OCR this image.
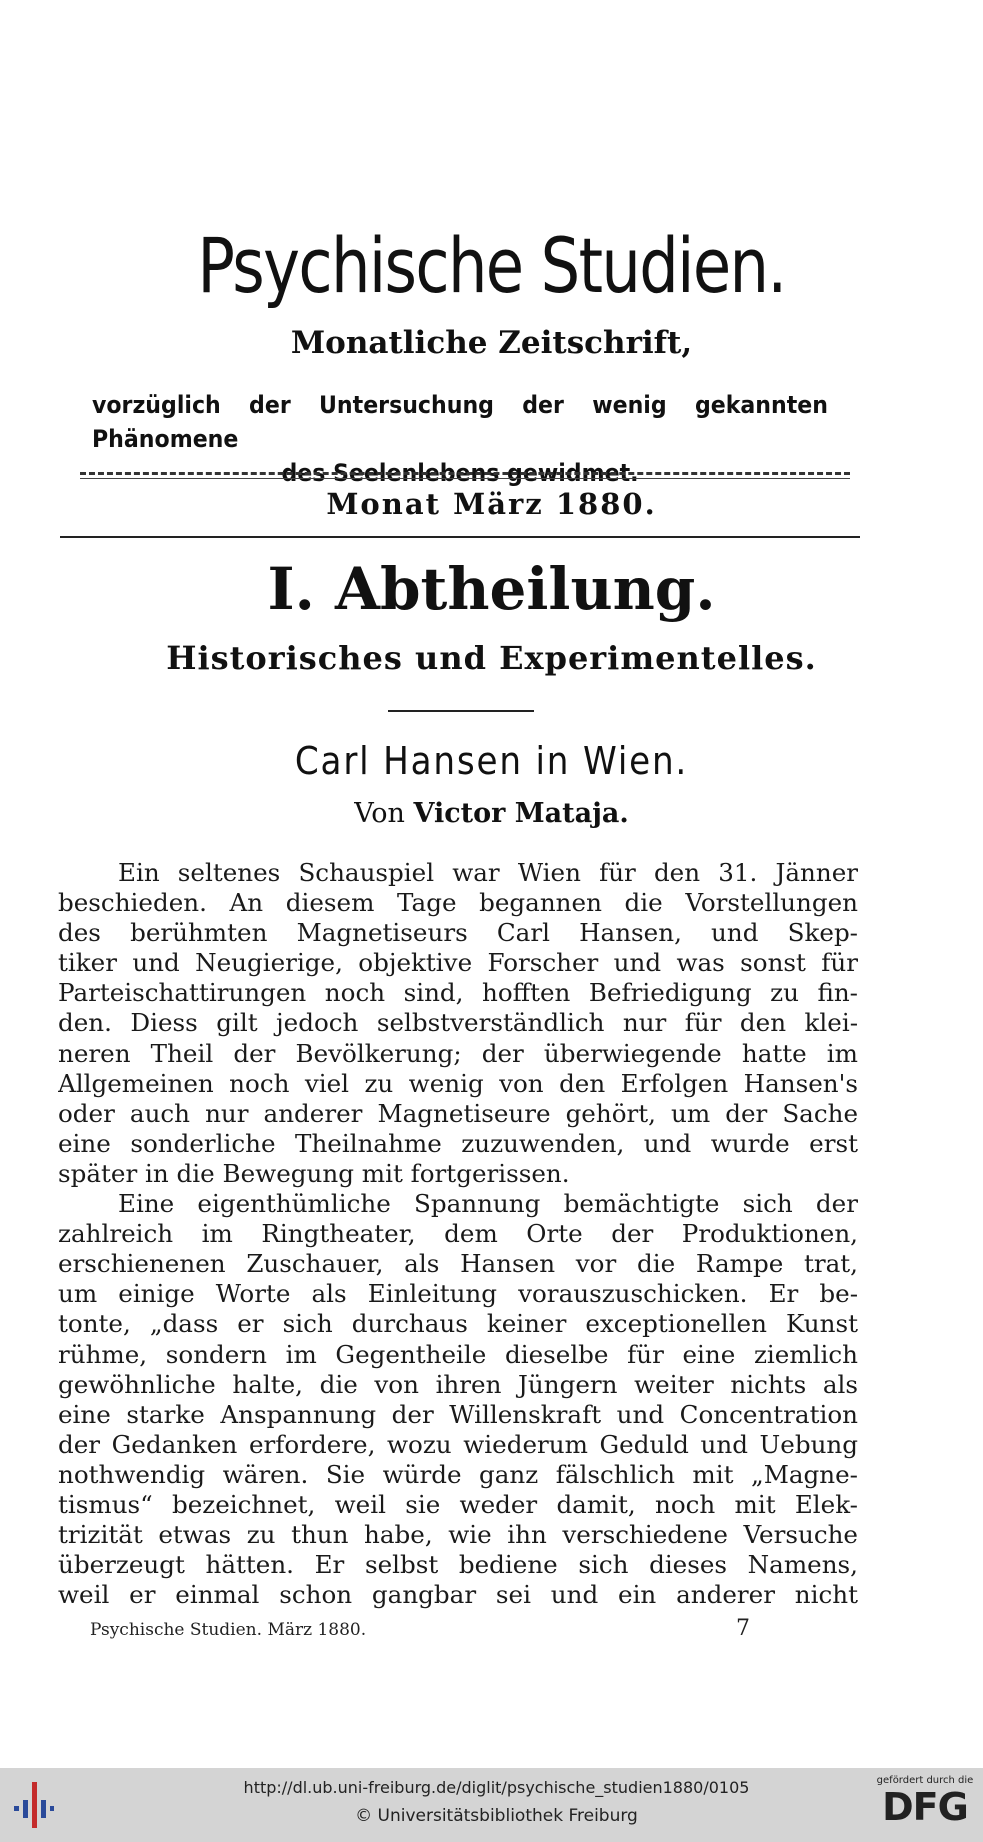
Psychische Studien.
Monatliche Zeitschrift,
vorzüglich der Untersuchung der wenig gekannten Phänomene
des Seelenlebens gewidmet.
Monat März 1880.
I. Abtheilung.
Historisches und Experimentelles.
Carl Hansen in Wien.
Von Victor Mataja.
Ein seltenes Schauspiel war Wien für den 31. Jänner
beschieden. An diesem Tage begannen die Vorstellungen
des berühmten Magnetiseurs Carl Hansen, und Skep-
tiker und Neugierige, objektive Forscher und was sonst für
Parteischattirungen noch sind, hofften Befriedigung zu fin-
den. Diess gilt jedoch selbstverständlich nur für den klei-
neren Theil der Bevölkerung; der überwiegende hatte im
Allgemeinen noch viel zu wenig von den Erfolgen Hansen's
oder auch nur anderer Magnetiseure gehört, um der Sache
eine sonderliche Theilnahme zuzuwenden, und wurde erst
später in die Bewegung mit fortgerissen.
Eine eigenthümliche Spannung bemächtigte sich der
zahlreich im Ringtheater, dem Orte der Produktionen,
erschienenen Zuschauer, als Hansen vor die Rampe trat,
um einige Worte als Einleitung vorauszuschicken. Er be-
tonte, „dass er sich durchaus keiner exceptionellen Kunst
rühme, sondern im Gegentheile dieselbe für eine ziemlich
gewöhnliche halte, die von ihren Jüngern weiter nichts als
eine starke Anspannung der Willenskraft und Concentration
der Gedanken erfordere, wozu wiederum Geduld und Uebung
nothwendig wären. Sie würde ganz fälschlich mit „Magne-
tismus“ bezeichnet, weil sie weder damit, noch mit Elek-
trizität etwas zu thun habe, wie ihn verschiedene Versuche
überzeugt hätten. Er selbst bediene sich dieses Namens,
weil er einmal schon gangbar sei und ein anderer nicht
Psychische Studien. März 1880.	7
http://dl.ub.uni-freiburg.de/diglit/psychische_studien1880/0105
© Universitätsbibliothek Freiburg
gefördert durch die
DFG
